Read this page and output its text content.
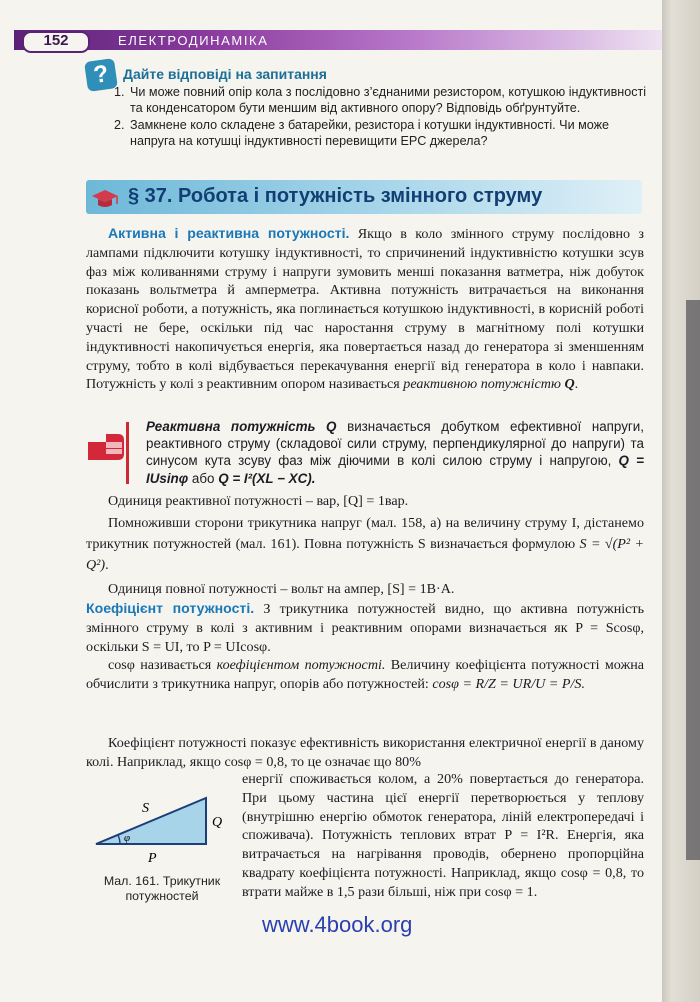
152	ЕЛЕКТРОДИНАМІКА
? Дайте відповіді на запитання
1. Чи може повний опір кола з послідовно з’єднаними резистором, котушкою індуктивності та конденсатором бути меншим від активного опору? Відповідь обґрунтуйте.
2. Замкнене коло складене з батарейки, резистора і котушки індуктивності. Чи може напруга на котушці індуктивності перевищити ЕРС джерела?
§ 37. Робота і потужність змінного струму
Активна і реактивна потужності. Якщо в коло змінного струму послідовно з лампами підключити котушку індуктивності, то спричинений індуктивністю котушки зсув фаз між коливаннями струму і напруги зумовить менші показання ватметра, ніж добуток показань вольтметра й амперметра. Активна потужність витрачається на виконання корисної роботи, а потужність, яка поглинається котушкою індуктивності, в корисній роботі участі не бере, оскільки під час наростання струму в магнітному полі котушки індуктивності накопичується енергія, яка повертається назад до генератора зі зменшенням струму, тобто в колі відбувається перекачування енергії від генератора в коло і навпаки. Потужність у колі з реактивним опором називається реактивною потужністю Q.
Реактивна потужність Q визначається добутком ефективної напруги, реактивного струму (складової сили струму, перпендикулярної до напруги) та синусом кута зсуву фаз між діючими в колі силою струму і напругою, Q = IUsinφ або Q = I²(XL − XC).
Одиниця реактивної потужності – вар, [Q] = 1вар.
Помноживши сторони трикутника напруг (мал. 158, а) на величину струму I, дістанемо трикутник потужностей (мал. 161). Повна потужність S визначається формулою S = √(P² + Q²).
Одиниця повної потужності – вольт на ампер, [S] = 1В·А.
Коефіцієнт потужності. З трикутника потужностей видно, що активна потужність змінного струму в колі з активним і реактивним опорами визначається як P = Scosφ, оскільки S = UI, то P = UIcosφ.
cosφ називається коефіцієнтом потужності. Величину коефіцієнта потужності можна обчислити з трикутника напруг, опорів або потужностей: cosφ = R/Z = UR/U = P/S.
Коефіцієнт потужності показує ефективність використання електричної енергії в даному колі. Наприклад, якщо cosφ = 0,8, то це означає що 80%
енергії споживається колом, а 20% повертається до генератора. При цьому частина цієї енергії перетворюється у теплову (внутрішню енергію обмоток генератора, ліній електропередачі і споживача). Потужність теплових втрат P = I²R. Енергія, яка витрачається на нагрівання проводів, обернено пропорційна квадрату коефіцієнта потужності. Наприклад, якщо cosφ = 0,8, то втрати майже в 1,5 рази більші, ніж при cosφ = 1.
S
Q
P
φ
Мал. 161. Трикутник потужностей
www.4book.org
